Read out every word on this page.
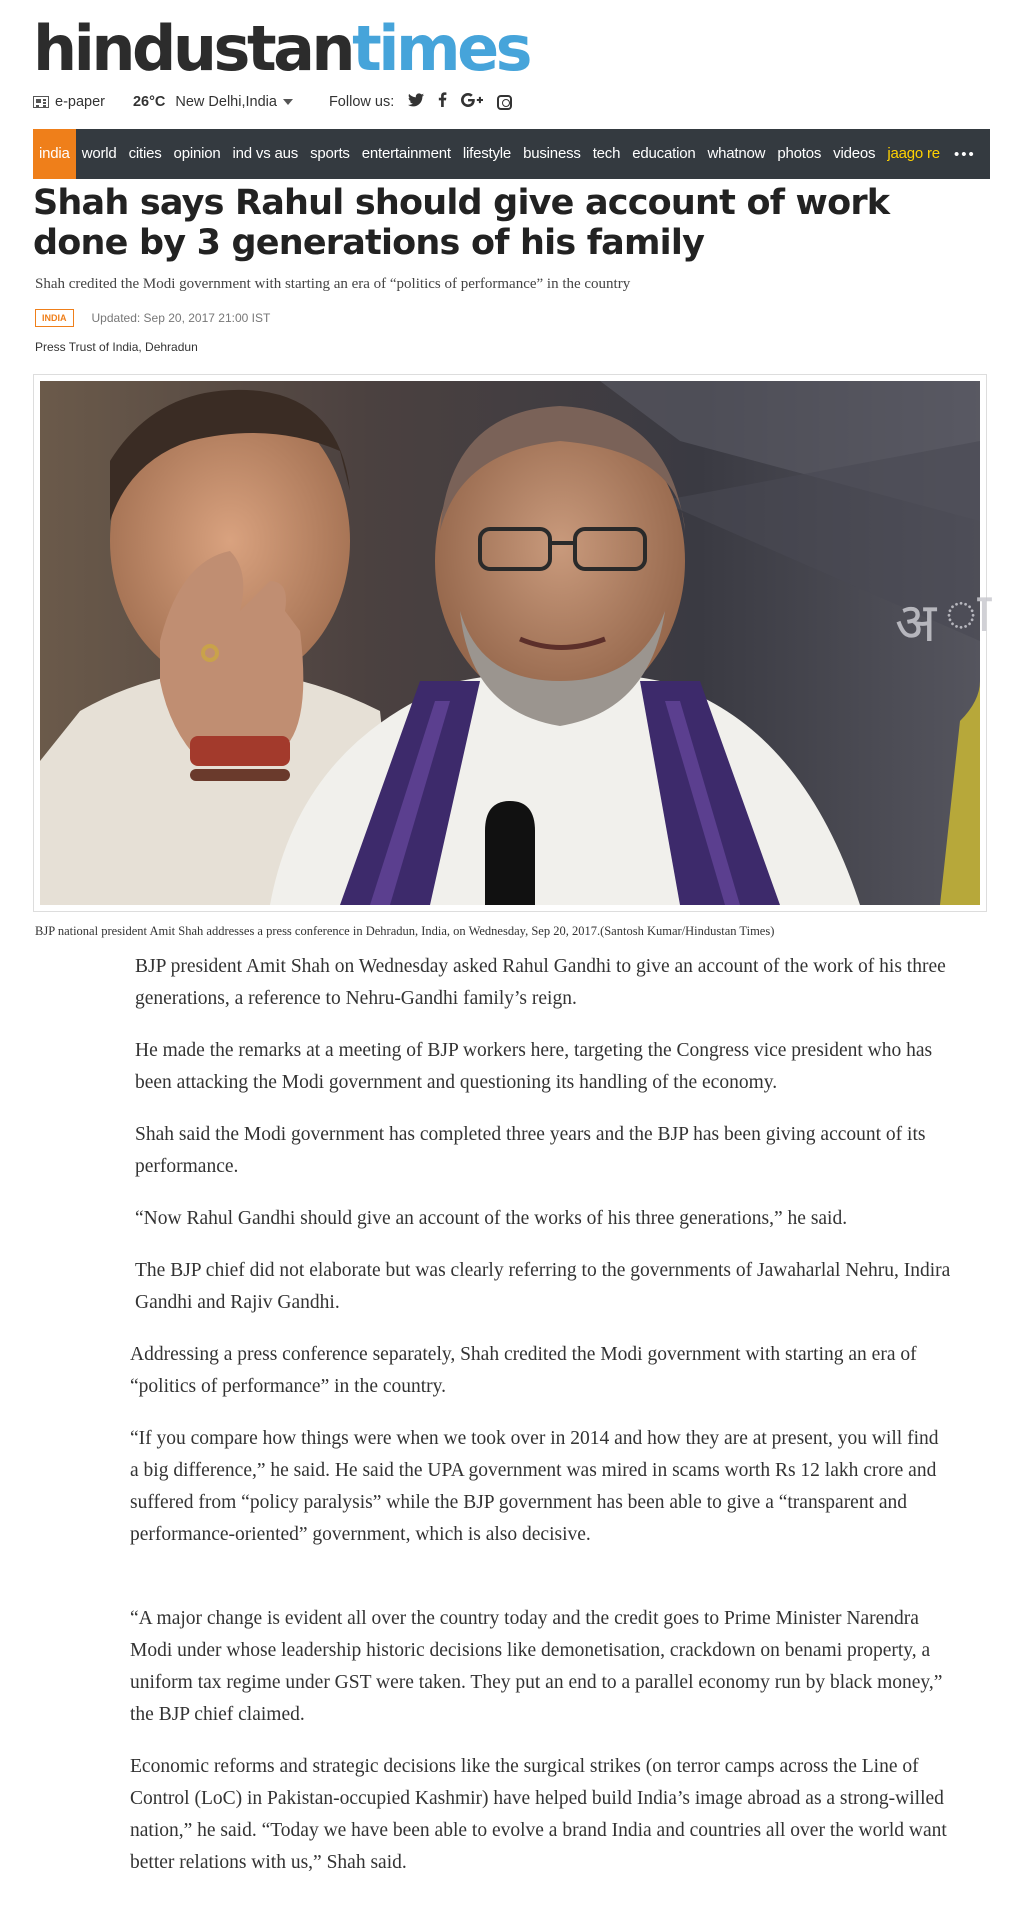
hindustantimes
e-paper 26°C New Delhi,India	Follow us:
india world cities opinion ind vs aus sports entertainment lifestyle business tech education whatnow photos videos jaago re •••
Shah says Rahul should give account of work done by 3 generations of his family

Shah credited the Modi government with starting an era of “politics of performance” in the country

INDIA	Updated: Sep 20, 2017 21:00 IST

Press Trust of India, Dehradun

अ ा

BJP national president Amit Shah addresses a press conference in Dehradun, India, on Wednesday, Sep 20, 2017.(Santosh Kumar/Hindustan Times)

BJP president Amit Shah on Wednesday asked Rahul Gandhi to give an account of the work of his three generations, a reference to Nehru-Gandhi family’s reign.

He made the remarks at a meeting of BJP workers here, targeting the Congress vice president who has been attacking the Modi government and questioning its handling of the economy.

Shah said the Modi government has completed three years and the BJP has been giving account of its performance.

“Now Rahul Gandhi should give an account of the works of his three generations,” he said.

The BJP chief did not elaborate but was clearly referring to the governments of Jawaharlal Nehru, Indira Gandhi and Rajiv Gandhi.

Addressing a press conference separately, Shah credited the Modi government with starting an era of “politics of performance” in the country.

“If you compare how things were when we took over in 2014 and how they are at present, you will find a big difference,” he said. He said the UPA government was mired in scams worth Rs 12 lakh crore and suffered from “policy paralysis” while the BJP government has been able to give a “transparent and performance-oriented” government, which is also decisive.

“A major change is evident all over the country today and the credit goes to Prime Minister Narendra Modi under whose leadership historic decisions like demonetisation, crackdown on benami property, a uniform tax regime under GST were taken. They put an end to a parallel economy run by black money,” the BJP chief claimed.

Economic reforms and strategic decisions like the surgical strikes (on terror camps across the Line of Control (LoC) in Pakistan-occupied Kashmir) have helped build India’s image abroad as a strong-willed nation,” he said. “Today we have been able to evolve a brand India and countries all over the world want better relations with us,” Shah said.
